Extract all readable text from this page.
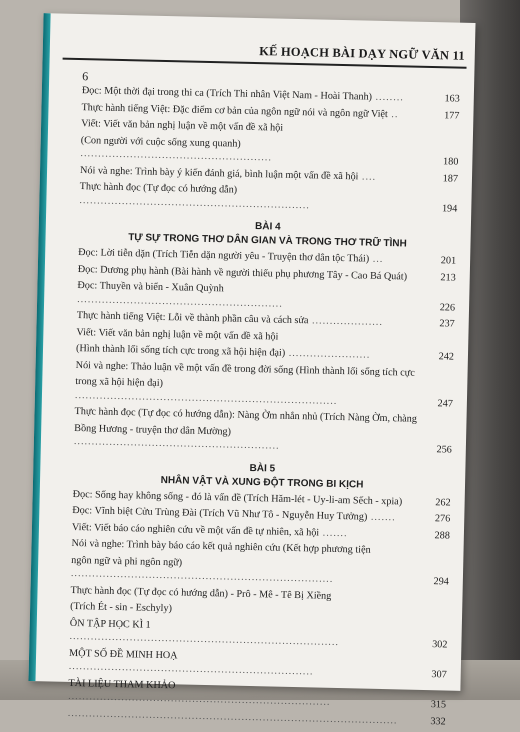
KẾ HOẠCH BÀI DẠY NGỮ VĂN 11
6
Đọc: Một thời đại trong thi ca (Trích Thi nhân Việt Nam - Hoài Thanh) ........	163
Thực hành tiếng Việt: Đặc điểm cơ bản của ngôn ngữ nói và ngôn ngữ Việt ..	177
Viết: Viết văn bản nghị luận về một vấn đề xã hội
(Con người với cuộc sống xung quanh) ......................................................	180
Nói và nghe: Trình bày ý kiến đánh giá, bình luận một vấn đề xã hội ....	187
Thực hành đọc (Tự đọc có hướng dẫn) .................................................................	194
BÀI 4
TỰ SỰ TRONG THƠ DÂN GIAN VÀ TRONG THƠ TRỮ TÌNH
Đọc: Lời tiễn dặn (Trích Tiễn dặn người yêu - Truyện thơ dân tộc Thái) ...	201
Đọc: Dương phụ hành (Bài hành về người thiếu phụ phương Tây - Cao Bá Quát)	213
Đọc: Thuyền và biển - Xuân Quỳnh ..........................................................	226
Thực hành tiếng Việt: Lỗi về thành phần câu và cách sửa ....................	237
Viết: Viết văn bản nghị luận về một vấn đề xã hội
(Hình thành lối sống tích cực trong xã hội hiện đại) .......................	242
Nói và nghe: Thảo luận về một vấn đề trong đời sống (Hình thành lối sống tích cực
trong xã hội hiện đại) ..........................................................................	247
Thực hành đọc (Tự đọc có hướng dẫn): Nàng Ờm nhắn nhủ (Trích Nàng Ờm, chàng
Bồng Hương - truyện thơ dân Mường) ..........................................................	256
BÀI 5
NHÂN VẬT VÀ XUNG ĐỘT TRONG BI KỊCH
Đọc: Sống hay không sống - đó là vấn đề (Trích Hăm-lét - Uy-li-am Sếch - xpia)	262
Đọc: Vĩnh biệt Cửu Trùng Đài (Trích Vũ Như Tô - Nguyễn Huy Tưởng) .......	276
Viết: Viết báo cáo nghiên cứu về một vấn đề tự nhiên, xã hội .......	288
Nói và nghe: Trình bày báo cáo kết quả nghiên cứu (Kết hợp phương tiện
ngôn ngữ và phi ngôn ngữ) ..........................................................................	294
Thực hành đọc (Tự đọc có hướng dẫn) - Prô - Mê - Tê Bị Xiềng
(Trích Ét - sin - Eschyly)
ÔN TẬP HỌC KÌ 1 ............................................................................	302
MỘT SỐ ĐỀ MINH HOẠ .....................................................................	307
TÀI LIỆU THAM KHẢO ..........................................................................	315
.............................................................................................	332
